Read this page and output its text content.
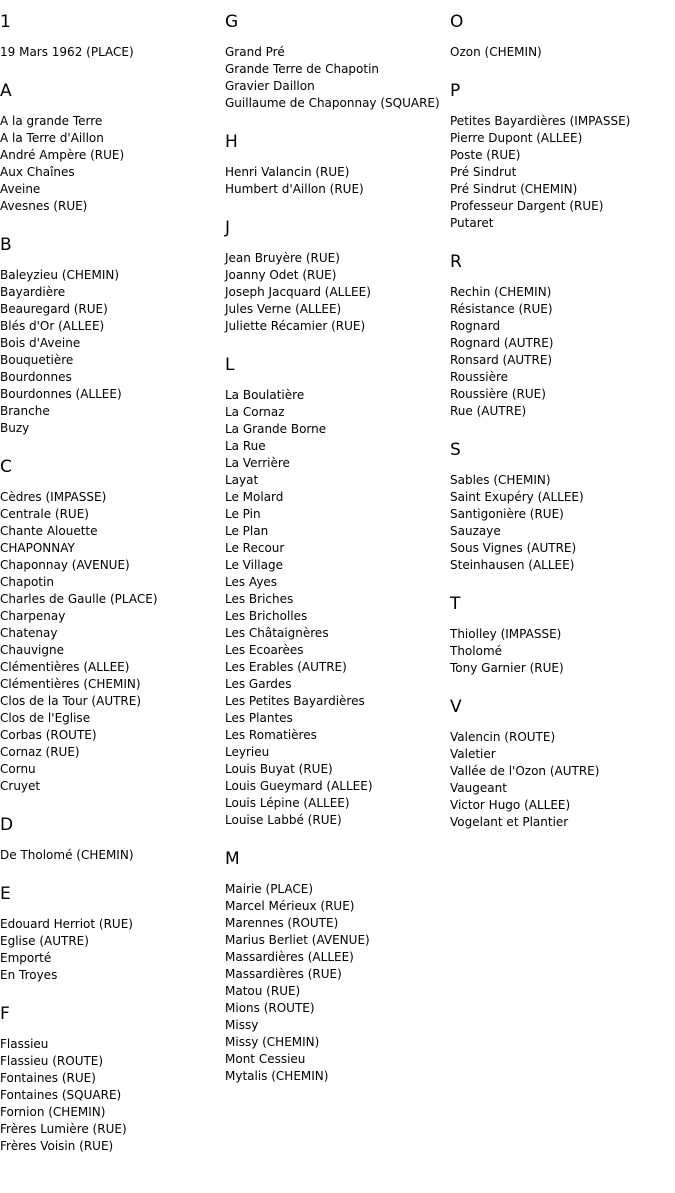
1
19 Mars 1962 (PLACE)
A
A la grande Terre
A la Terre d'Aillon
André Ampère (RUE)
Aux Chaînes
Aveine
Avesnes (RUE)
B
Baleyzieu (CHEMIN)
Bayardière
Beauregard (RUE)
Blés d'Or (ALLEE)
Bois d'Aveine
Bouquetière
Bourdonnes
Bourdonnes (ALLEE)
Branche
Buzy
C
Cèdres (IMPASSE)
Centrale (RUE)
Chante Alouette
CHAPONNAY
Chaponnay (AVENUE)
Chapotin
Charles de Gaulle (PLACE)
Charpenay
Chatenay
Chauvigne
Clémentières (ALLEE)
Clémentières (CHEMIN)
Clos de la Tour (AUTRE)
Clos de l'Eglise
Corbas (ROUTE)
Cornaz (RUE)
Cornu
Cruyet
D
De Tholomé (CHEMIN)
E
Edouard Herriot (RUE)
Eglise (AUTRE)
Emporté
En Troyes
F
Flassieu
Flassieu (ROUTE)
Fontaines (RUE)
Fontaines (SQUARE)
Fornion (CHEMIN)
Frères Lumière (RUE)
Frères Voisin (RUE)
G
Grand Pré
Grande Terre de Chapotin
Gravier Daillon
Guillaume de Chaponnay (SQUARE)
H
Henri Valancin (RUE)
Humbert d'Aillon (RUE)
J
Jean Bruyère (RUE)
Joanny Odet (RUE)
Joseph Jacquard (ALLEE)
Jules Verne (ALLEE)
Juliette Récamier (RUE)
L
La Boulatière
La Cornaz
La Grande Borne
La Rue
La Verrière
Layat
Le Molard
Le Pin
Le Plan
Le Recour
Le Village
Les Ayes
Les Briches
Les Bricholles
Les Châtaignères
Les Ecoarèes
Les Erables (AUTRE)
Les Gardes
Les Petites Bayardières
Les Plantes
Les Romatières
Leyrieu
Louis Buyat (RUE)
Louis Gueymard (ALLEE)
Louis Lépine (ALLEE)
Louise Labbé (RUE)
M
Mairie (PLACE)
Marcel Mérieux (RUE)
Marennes (ROUTE)
Marius Berliet (AVENUE)
Massardières (ALLEE)
Massardières (RUE)
Matou (RUE)
Mions (ROUTE)
Missy
Missy (CHEMIN)
Mont Cessieu
Mytalis (CHEMIN)
O
Ozon (CHEMIN)
P
Petites Bayardières (IMPASSE)
Pierre Dupont (ALLEE)
Poste (RUE)
Pré Sindrut
Pré Sindrut (CHEMIN)
Professeur Dargent (RUE)
Putaret
R
Rechin (CHEMIN)
Résistance (RUE)
Rognard
Rognard (AUTRE)
Ronsard (AUTRE)
Roussière
Roussière (RUE)
Rue (AUTRE)
S
Sables (CHEMIN)
Saint Exupéry (ALLEE)
Santigonière (RUE)
Sauzaye
Sous Vignes (AUTRE)
Steinhausen (ALLEE)
T
Thiolley (IMPASSE)
Tholomé
Tony Garnier (RUE)
V
Valencin (ROUTE)
Valetier
Vallée de l'Ozon (AUTRE)
Vaugeant
Victor Hugo (ALLEE)
Vogelant et Plantier
